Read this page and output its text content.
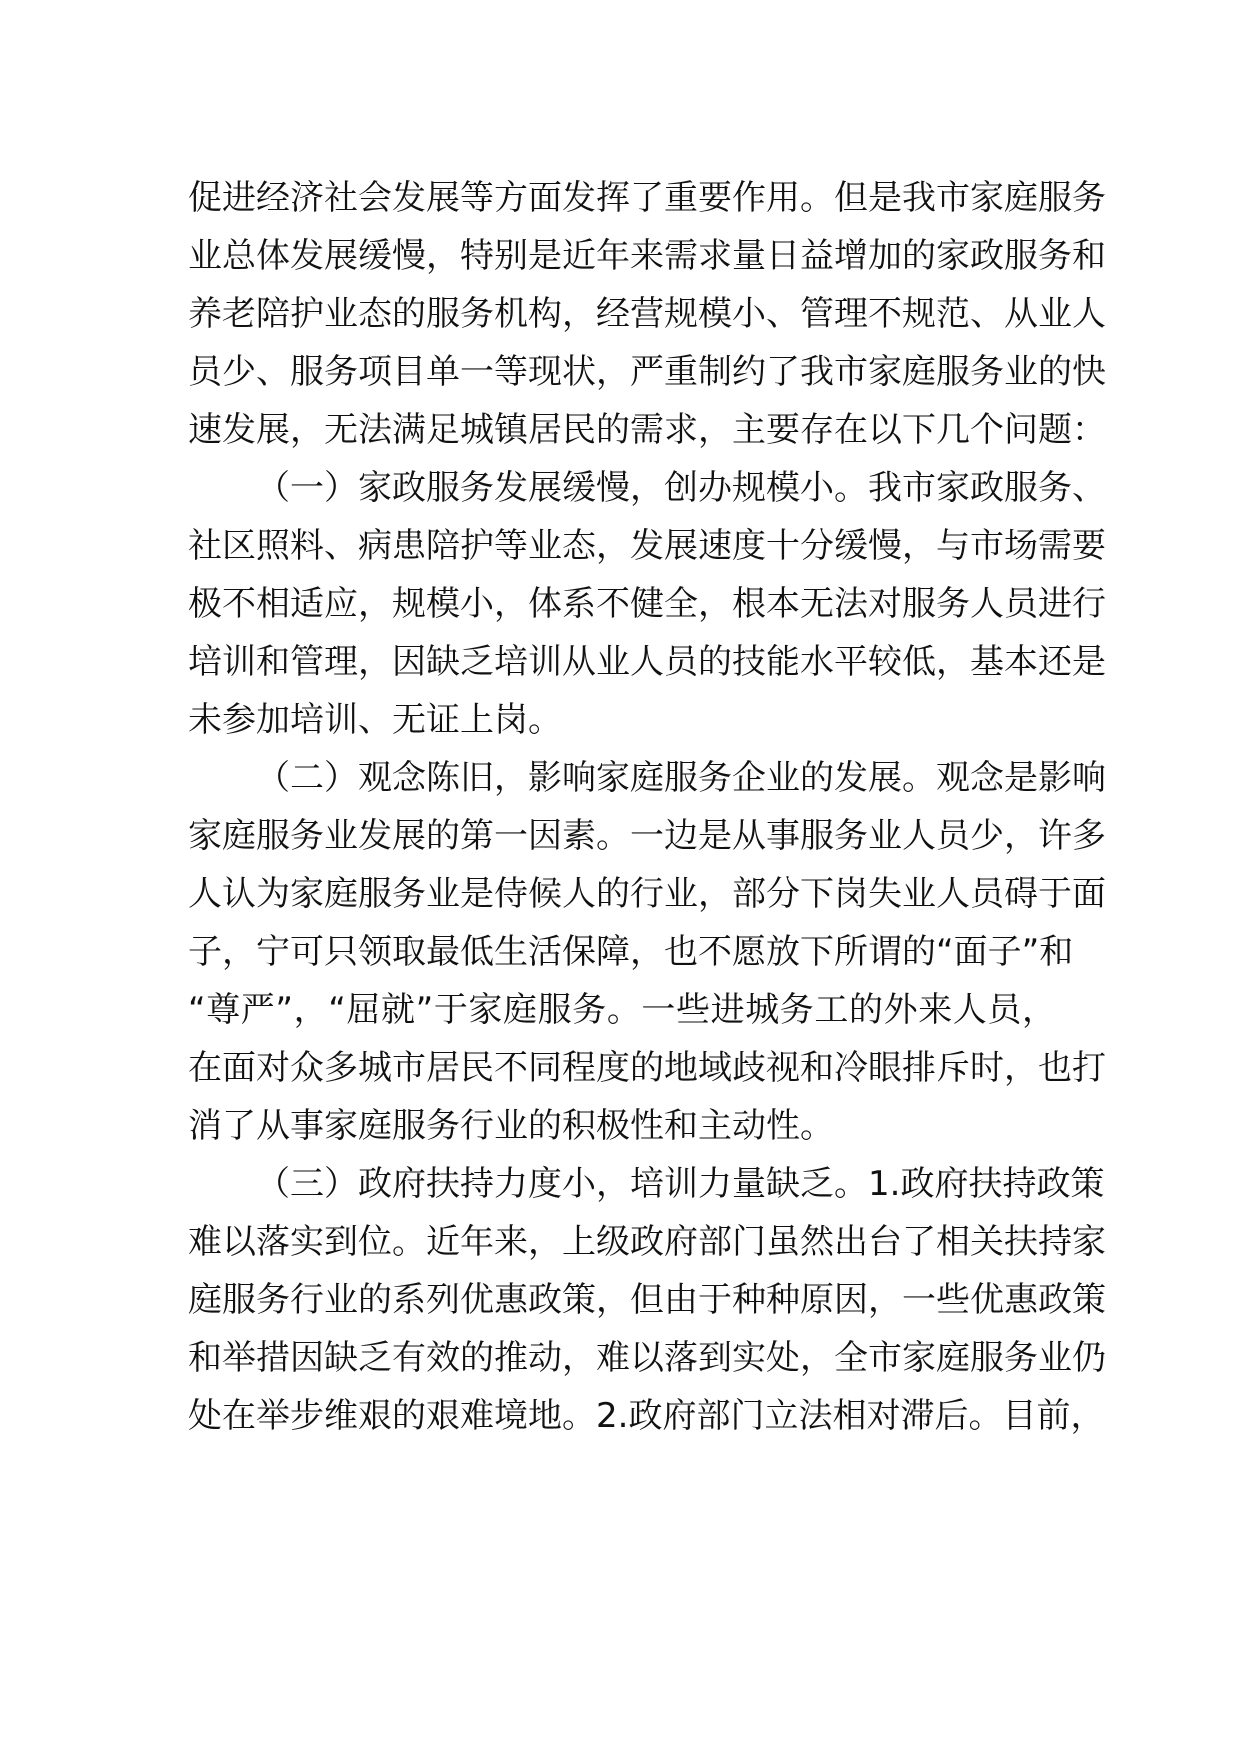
促进经济社会发展等方面发挥了重要作用。但是我市家庭服务
业总体发展缓慢，特别是近年来需求量日益增加的家政服务和
养老陪护业态的服务机构，经营规模小、管理不规范、从业人
员少、服务项目单一等现状，严重制约了我市家庭服务业的快
速发展，无法满足城镇居民的需求，主要存在以下几个问题：
（一）家政服务发展缓慢，创办规模小。我市家政服务、
社区照料、病患陪护等业态，发展速度十分缓慢，与市场需要
极不相适应，规模小，体系不健全，根本无法对服务人员进行
培训和管理，因缺乏培训从业人员的技能水平较低，基本还是
未参加培训、无证上岗。
（二）观念陈旧，影响家庭服务企业的发展。观念是影响
家庭服务业发展的第一因素。一边是从事服务业人员少，许多
人认为家庭服务业是侍候人的行业，部分下岗失业人员碍于面
子，宁可只领取最低生活保障，也不愿放下所谓的“面子”和
“尊严”，“屈就”于家庭服务。一些进城务工的外来人员，
在面对众多城市居民不同程度的地域歧视和冷眼排斥时，也打
消了从事家庭服务行业的积极性和主动性。
（三）政府扶持力度小，培训力量缺乏。1.政府扶持政策
难以落实到位。近年来，上级政府部门虽然出台了相关扶持家
庭服务行业的系列优惠政策，但由于种种原因，一些优惠政策
和举措因缺乏有效的推动，难以落到实处，全市家庭服务业仍
处在举步维艰的艰难境地。2.政府部门立法相对滞后。目前，
